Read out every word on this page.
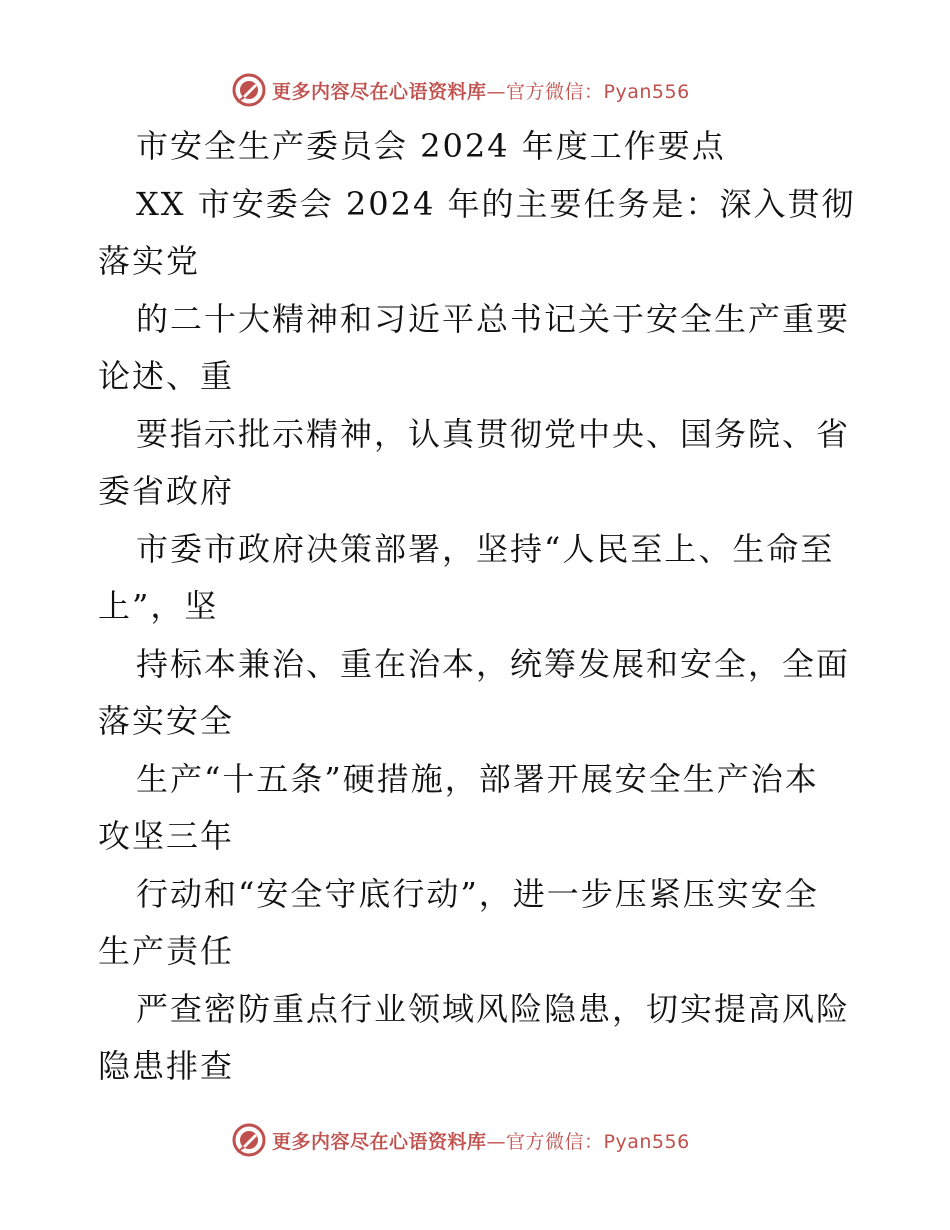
更多内容尽在心语资料库—官方微信：Pyan556
市安全生产委员会 2024 年度工作要点
XX 市安委会 2024 年的主要任务是：深入贯彻
落实党
的二十大精神和习近平总书记关于安全生产重要
论述、重
要指示批示精神，认真贯彻党中央、国务院、省
委省政府
市委市政府决策部署，坚持“人民至上、生命至
上”，坚
持标本兼治、重在治本，统筹发展和安全，全面
落实安全
生产“十五条”硬措施，部署开展安全生产治本
攻坚三年
行动和“安全守底行动”，进一步压紧压实安全
生产责任
严查密防重点行业领域风险隐患，切实提高风险
隐患排查
更多内容尽在心语资料库—官方微信：Pyan556
